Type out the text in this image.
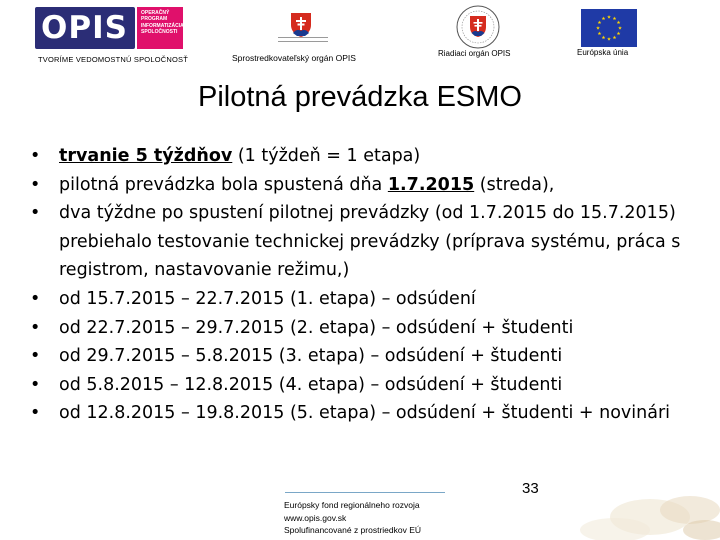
OPIS	OPERAČNÝ
PROGRAM
INFORMATIZÁCIA
SPOLOČNOSTI
TVORÍME VEDOMOSTNÚ SPOLOČNOSŤ	Sprostredkovateľský orgán OPIS	Riadiaci orgán OPIS	Európska únia
Pilotná prevádzka ESMO
• trvanie 5 týždňov (1 týždeň = 1 etapa)
• pilotná prevádzka bola spustená dňa 1.7.2015 (streda),
• dva týždne po spustení pilotnej prevádzky (od 1.7.2015 do 15.7.2015) prebiehalo testovanie technickej prevádzky (príprava systému, práca s registrom, nastavovanie režimu,)
• od 15.7.2015 – 22.7.2015 (1. etapa) – odsúdení
• od 22.7.2015 – 29.7.2015 (2. etapa) – odsúdení + študenti
• od 29.7.2015 – 5.8.2015 (3. etapa) – odsúdení + študenti
• od 5.8.2015 – 12.8.2015 (4. etapa) – odsúdení + študenti
• od 12.8.2015 – 19.8.2015 (5. etapa) – odsúdení + študenti + novinári
Európsky fond regionálneho rozvoja
www.opis.gov.sk
Spolufinancované z prostriedkov EÚ
33
